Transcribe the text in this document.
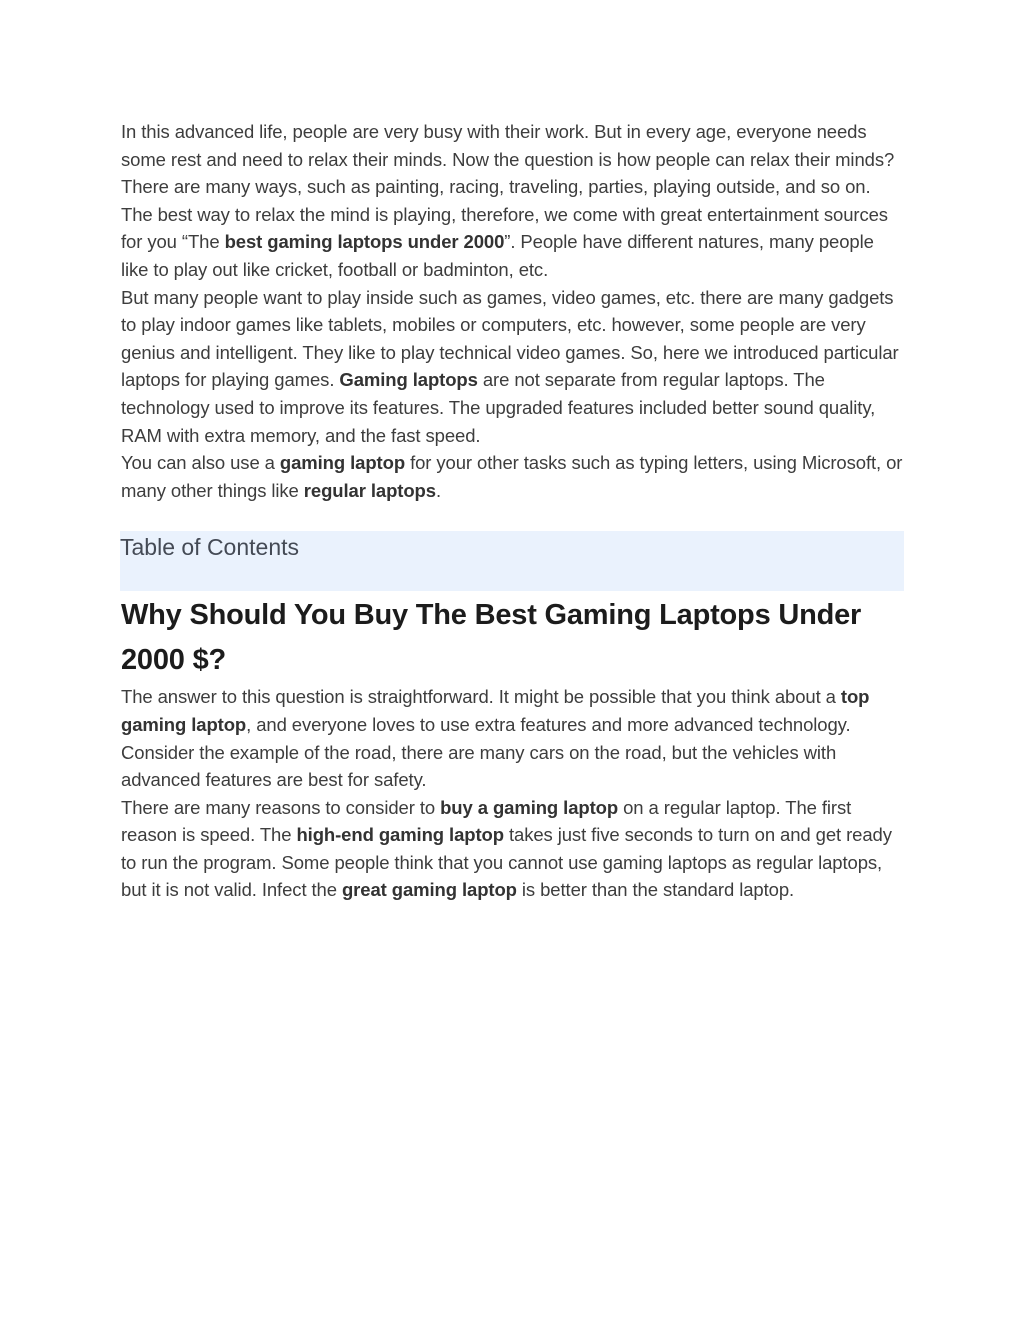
In this advanced life, people are very busy with their work. But in every age, everyone needs some rest and need to relax their minds. Now the question is how people can relax their minds? There are many ways, such as painting, racing, traveling, parties, playing outside, and so on. The best way to relax the mind is playing, therefore, we come with great entertainment sources for you “The best gaming laptops under 2000”. People have different natures, many people like to play out like cricket, football or badminton, etc.

But many people want to play inside such as games, video games, etc. there are many gadgets to play indoor games like tablets, mobiles or computers, etc. however, some people are very genius and intelligent. They like to play technical video games. So, here we introduced particular laptops for playing games. Gaming laptops are not separate from regular laptops. The technology used to improve its features. The upgraded features included better sound quality, RAM with extra memory, and the fast speed.

You can also use a gaming laptop for your other tasks such as typing letters, using Microsoft, or many other things like regular laptops.

Table of Contents
Why Should You Buy The Best Gaming Laptops Under
2000 $?

The answer to this question is straightforward. It might be possible that you think about a top gaming laptop, and everyone loves to use extra features and more advanced technology. Consider the example of the road, there are many cars on the road, but the vehicles with advanced features are best for safety.

There are many reasons to consider to buy a gaming laptop on a regular laptop. The first reason is speed. The high-end gaming laptop takes just five seconds to turn on and get ready to run the program. Some people think that you cannot use gaming laptops as regular laptops, but it is not valid. Infect the great gaming laptop is better than the standard laptop.
